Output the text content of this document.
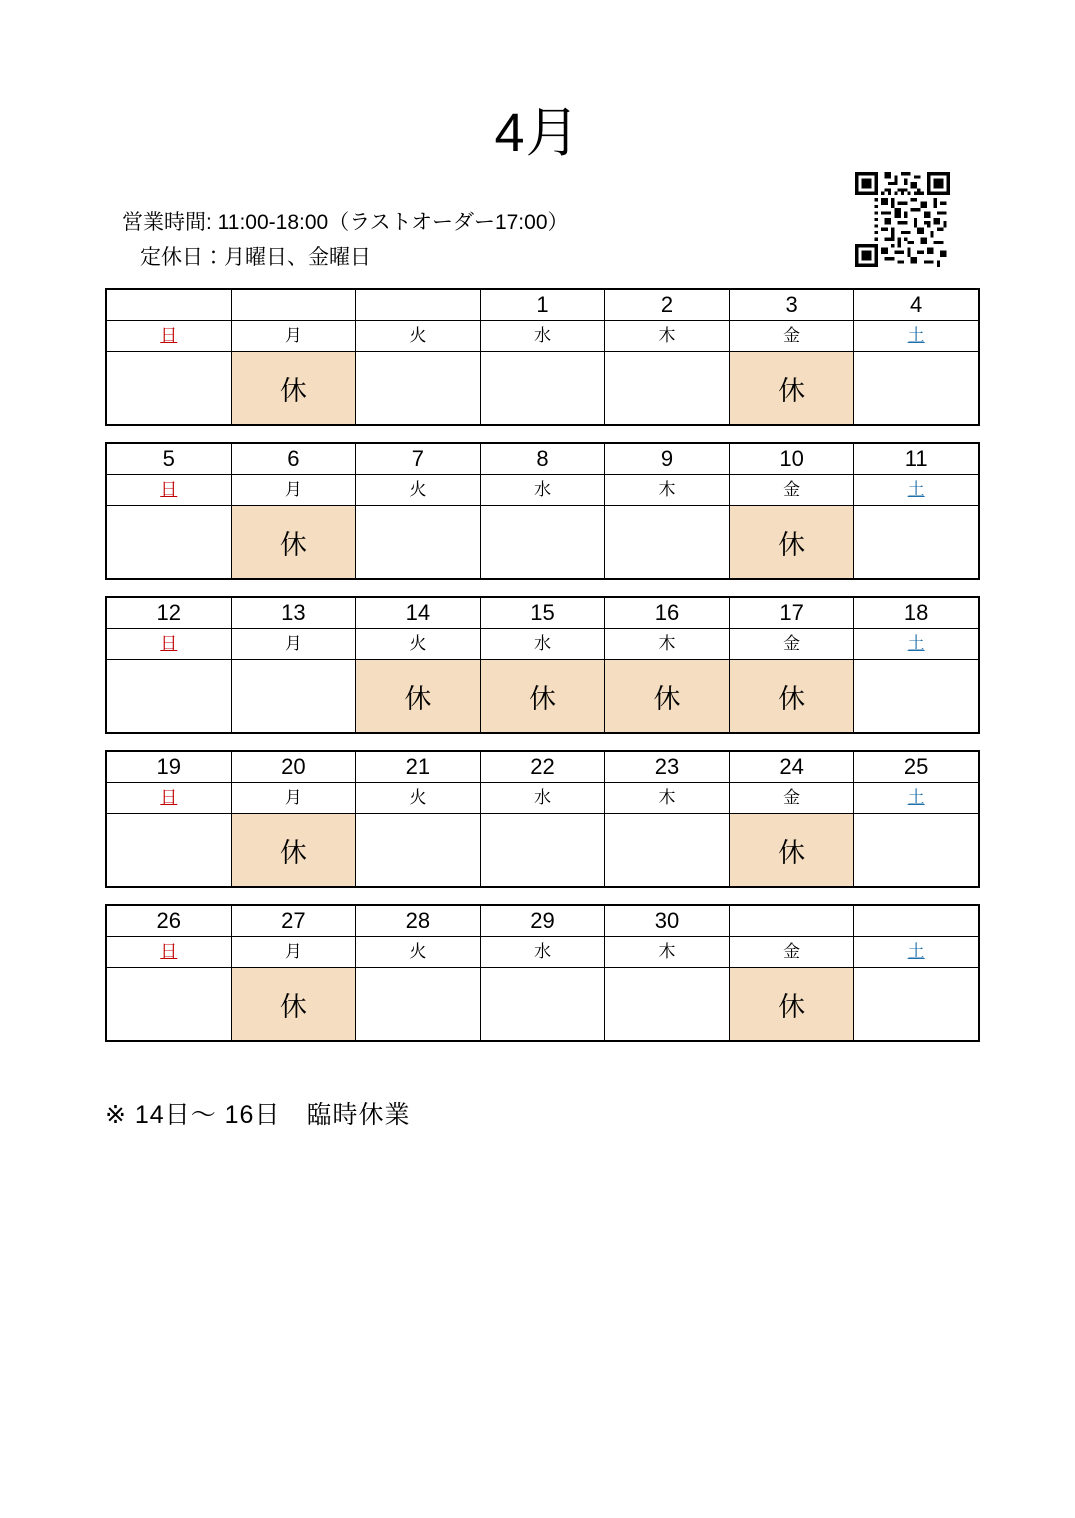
4月
営業時間: 11:00-18:00（ラストオーダー17:00）
定休日：月曜日、金曜日
			1	2	3	4
日	月	火	水	木	金	土
	休				休	
5	6	7	8	9	10	11
日	月	火	水	木	金	土
	休				休	
12	13	14	15	16	17	18
日	月	火	水	木	金	土
		休	休	休	休	
19	20	21	22	23	24	25
日	月	火	水	木	金	土
	休				休	
26	27	28	29	30		
日	月	火	水	木	金	土
	休				休	
※ 14日〜 16日　臨時休業
